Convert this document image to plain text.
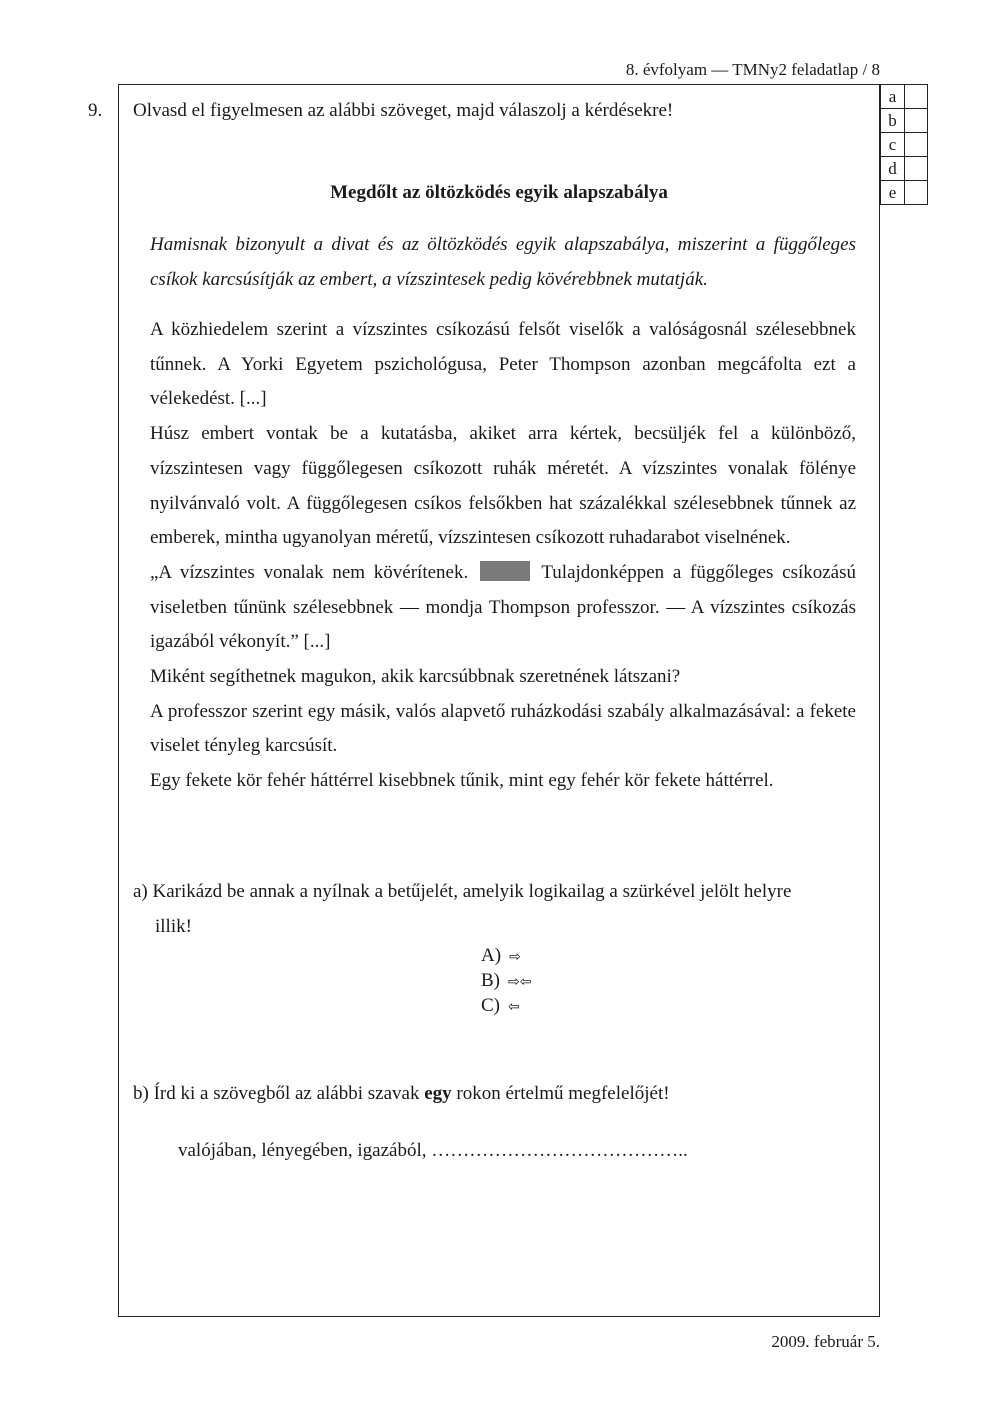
8. évfolyam — TMNy2 feladatlap / 8
9. Olvasd el figyelmesen az alábbi szöveget, majd válaszolj a kérdésekre!
Megdőlt az öltözködés egyik alapszabálya
Hamisnak bizonyult a divat és az öltözködés egyik alapszabálya, miszerint a függőleges csíkok karcsúsítják az embert, a vízszintesek pedig kövérebbnek mutatják.

A közhiedelem szerint a vízszintes csíkozású felsőt viselők a valóságosnál szélesebbnek tűnnek. A Yorki Egyetem pszichológusa, Peter Thompson azonban megcáfolta ezt a vélekedést. [...]

Húsz embert vontak be a kutatásba, akiket arra kértek, becsüljék fel a különböző, vízszintesen vagy függőlegesen csíkozott ruhák méretét. A vízszintes vonalak fölénye nyilvánvaló volt. A függőlegesen csíkos felsőkben hat százalékkal szélesebbnek tűnnek az emberek, mintha ugyanolyan méretű, vízszintesen csíkozott ruhadarabot viselnének.

„A vízszintes vonalak nem kövérítenek.	Tulajdonképpen a függőleges csíkozású viseletben tűnünk szélesebbnek — mondja Thompson professzor. — A vízszintes csíkozás igazából vékonyít.” [...]

Miként segíthetnek magukon, akik karcsúbbnak szeretnének látszani?

A professzor szerint egy másik, valós alapvető ruházkodási szabály alkalmazásával: a fekete viselet tényleg karcsúsít.

Egy fekete kör fehér háttérrel kisebbnek tűnik, mint egy fehér kör fekete háttérrel.

a) Karikázd be annak a nyílnak a betűjelét, amelyik logikailag a szürkével jelölt helyre
illik!
A) ⇨
B) ⇨⇦
C) ⇦
b) Írd ki a szövegből az alábbi szavak egy rokon értelmű megfelelőjét!
valójában, lényegében, igazából, …………………………………..
a	
b	
c	
d	
e	
2009. február 5.
